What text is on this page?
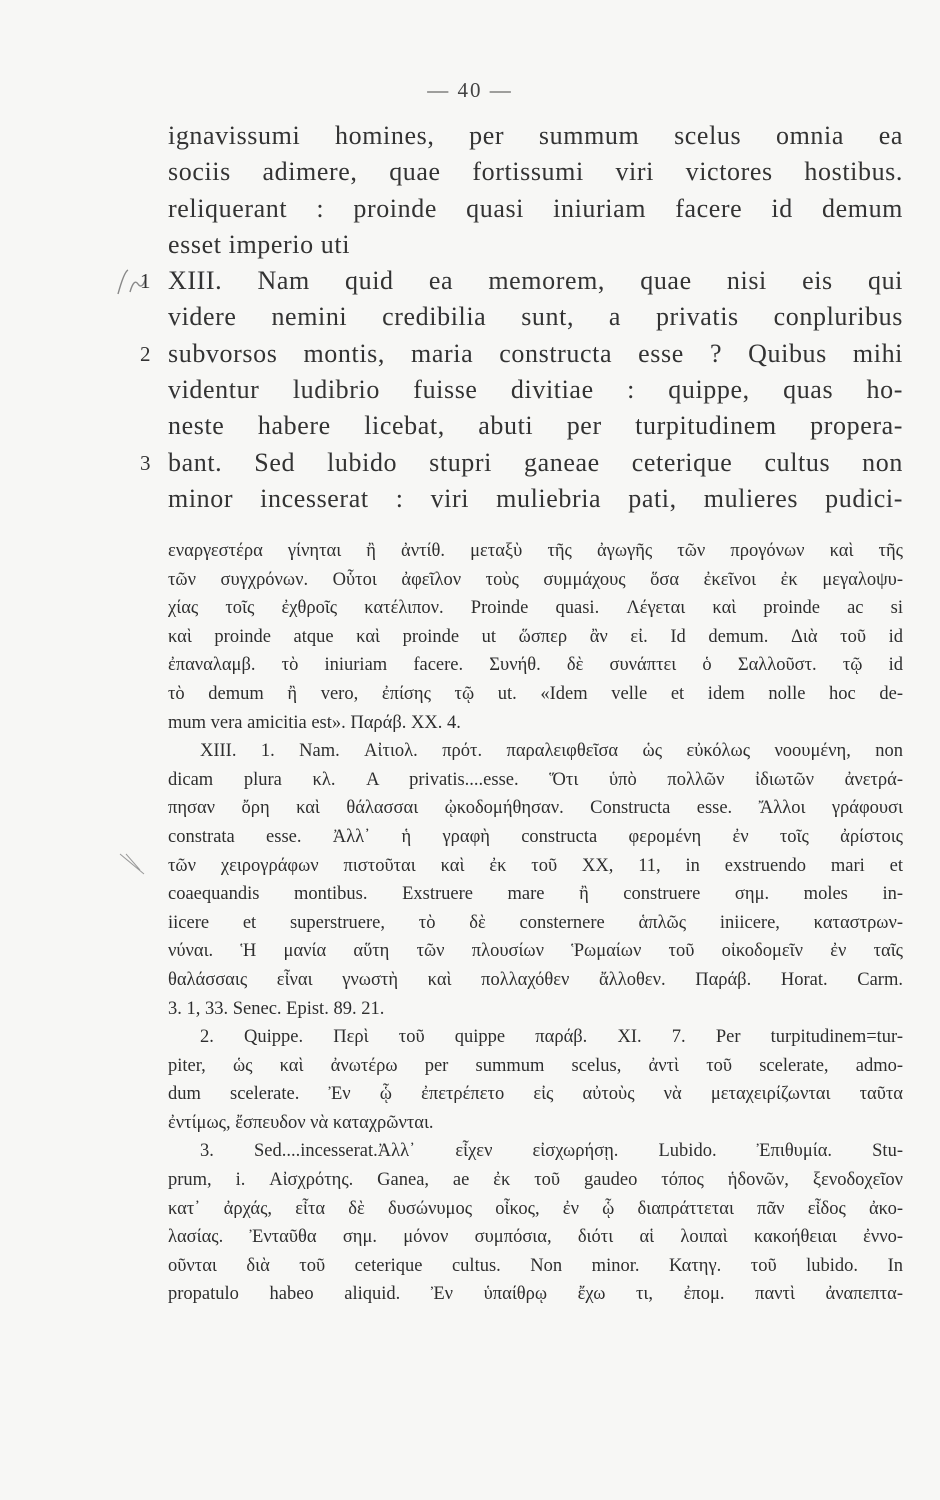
— 40 —
ignavissumi homines, per summum scelus omnia ea
sociis adimere, quae fortissumi viri victores hostibus.
reliquerant : proinde quasi iniuriam facere id demum
esset imperio uti
1 XIII. Nam quid ea memorem, quae nisi eis qui
videre nemini credibilia sunt, a privatis conpluribus
2 subvorsos montis, maria constructa esse ? Quibus mihi
videntur ludibrio fuisse divitiae : quippe, quas ho-
neste habere licebat, abuti per turpitudinem propera-
3 bant. Sed lubido stupri ganeae ceterique cultus non
minor incesserat : viri muliebria pati, mulieres pudici-
εναργεστέρα γίνηται ἢ ἀντίθ. μεταξὺ τῆς ἀγωγῆς τῶν προγόνων καὶ τῆς
τῶν συγχρόνων. Οὗτοι ἀφεῖλον τοὺς συμμάχους ὅσα ἐκεῖνοι ἐκ μεγαλοψυ-
χίας τοῖς ἐχθροῖς κατέλιπον. Proinde quasi. Λέγεται καὶ proinde ac si
καὶ proinde atque καὶ proinde ut ὥσπερ ἂν εἰ. Id demum. Διὰ τοῦ id
ἐπαναλαμβ. τὸ iniuriam facere. Συνήθ. δὲ συνάπτει ὁ Σαλλοῦστ. τῷ id
τὸ demum ἢ vero, ἐπίσης τῷ ut. «Idem velle et idem nolle hoc de-
mum vera amicitia est». Παράβ. XX. 4.
XIII. 1. Nam. Αἰτιολ. πρότ. παραλειφθεῖσα ὡς εὐκόλως νοουμένη, non
dicam plura κλ. A privatis....esse. Ὅτι ὑπὸ πολλῶν ἰδιωτῶν ἀνετρά-
πησαν ὄρη καὶ θάλασσαι ᾠκοδομήθησαν. Constructa esse. Ἄλλοι γράφουσι
constrata esse. Ἀλλ᾽ ἡ γραφὴ constructa φερομένη ἐν τοῖς ἀρίστοις
τῶν χειρογράφων πιστοῦται καὶ ἐκ τοῦ XX, 11, in exstruendo mari et
coaequandis montibus. Exstruere mare ἢ construere σημ. moles in-
iicere et superstruere, τὸ δὲ consternere ἁπλῶς iniicere, καταστρων-
νύναι. Ἡ μανία αὕτη τῶν πλουσίων Ῥωμαίων τοῦ οἰκοδομεῖν ἐν ταῖς
θαλάσσαις εἶναι γνωστὴ καὶ πολλαχόθεν ἄλλοθεν. Παράβ. Horat. Carm.
3. 1, 33. Senec. Epist. 89. 21.
2. Quippe. Περὶ τοῦ quippe παράβ. XI. 7. Per turpitudinem=tur-
piter, ὡς καὶ ἀνωτέρω per summum scelus, ἀντὶ τοῦ scelerate, admo-
dum scelerate. Ἐν ᾧ ἐπετρέπετο εἰς αὐτοὺς νὰ μεταχειρίζωνται ταῦτα
ἐντίμως, ἔσπευδον νὰ καταχρῶνται.
3. Sed....incesserat.Ἀλλ᾽ εἶχεν εἰσχωρήσῃ. Lubido. Ἐπιθυμία. Stu-
prum, i. Αἰσχρότης. Ganea, ae ἐκ τοῦ gaudeo τόπος ἡδονῶν, ξενοδοχεῖον
κατ᾽ ἀρχάς, εἶτα δὲ δυσώνυμος οἶκος, ἐν ᾧ διαπράττεται πᾶν εἶδος ἀκο-
λασίας. Ἐνταῦθα σημ. μόνον συμπόσια, διότι αἱ λοιπαὶ κακοήθειαι ἐννο-
οῦνται διὰ τοῦ ceterique cultus. Non minor. Κατηγ. τοῦ lubido. In
propatulo habeo aliquid. Ἐν ὑπαίθρῳ ἔχω τι, ἐπομ. παντὶ ἀναπεπτα-
